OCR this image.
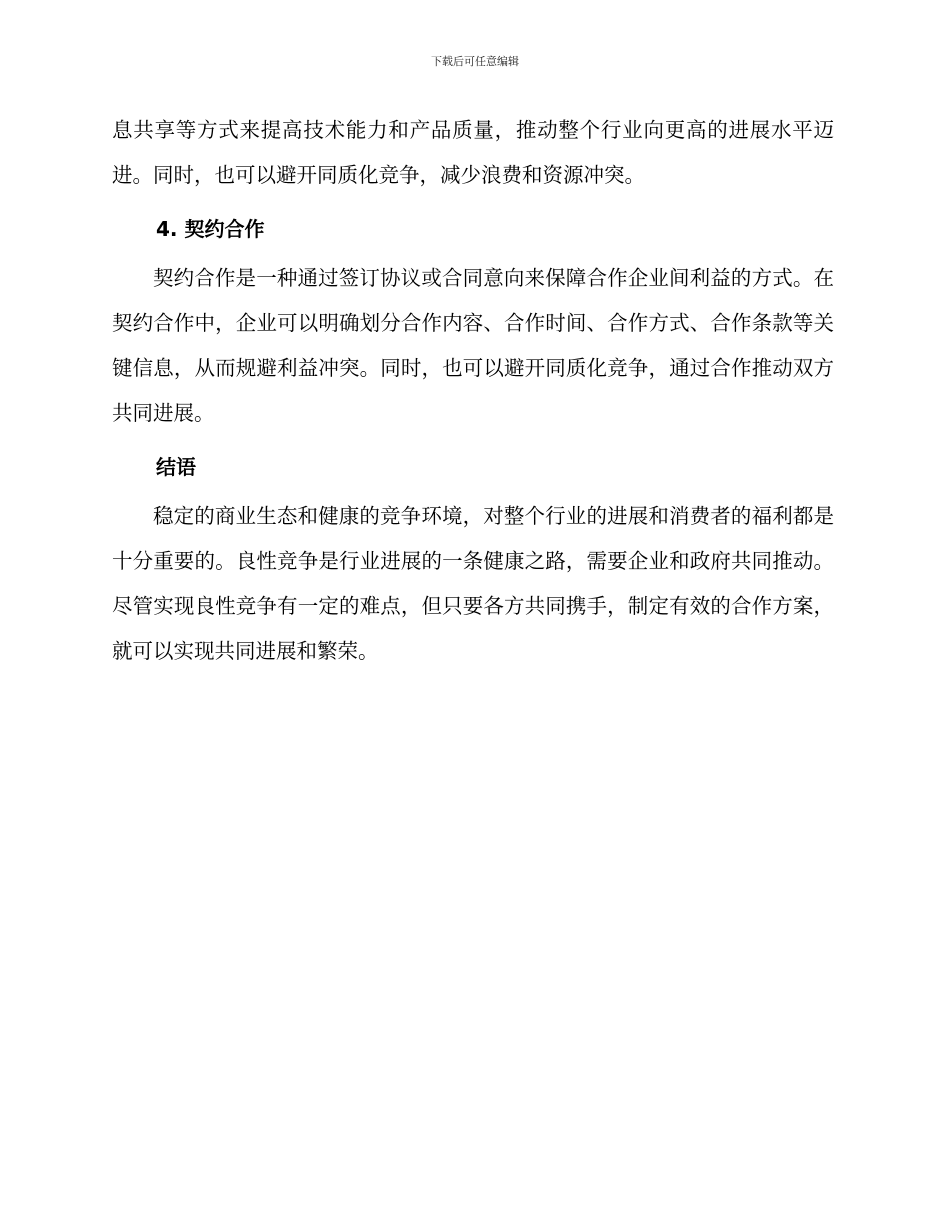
下载后可任意编辑

息共享等方式来提高技术能力和产品质量，推动整个行业向更高的进展水平迈进。同时，也可以避开同质化竞争，减少浪费和资源冲突。

4. 契约合作

契约合作是一种通过签订协议或合同意向来保障合作企业间利益的方式。在契约合作中，企业可以明确划分合作内容、合作时间、合作方式、合作条款等关键信息，从而规避利益冲突。同时，也可以避开同质化竞争，通过合作推动双方共同进展。

结语

稳定的商业生态和健康的竞争环境，对整个行业的进展和消费者的福利都是十分重要的。良性竞争是行业进展的一条健康之路，需要企业和政府共同推动。尽管实现良性竞争有一定的难点，但只要各方共同携手，制定有效的合作方案，就可以实现共同进展和繁荣。
